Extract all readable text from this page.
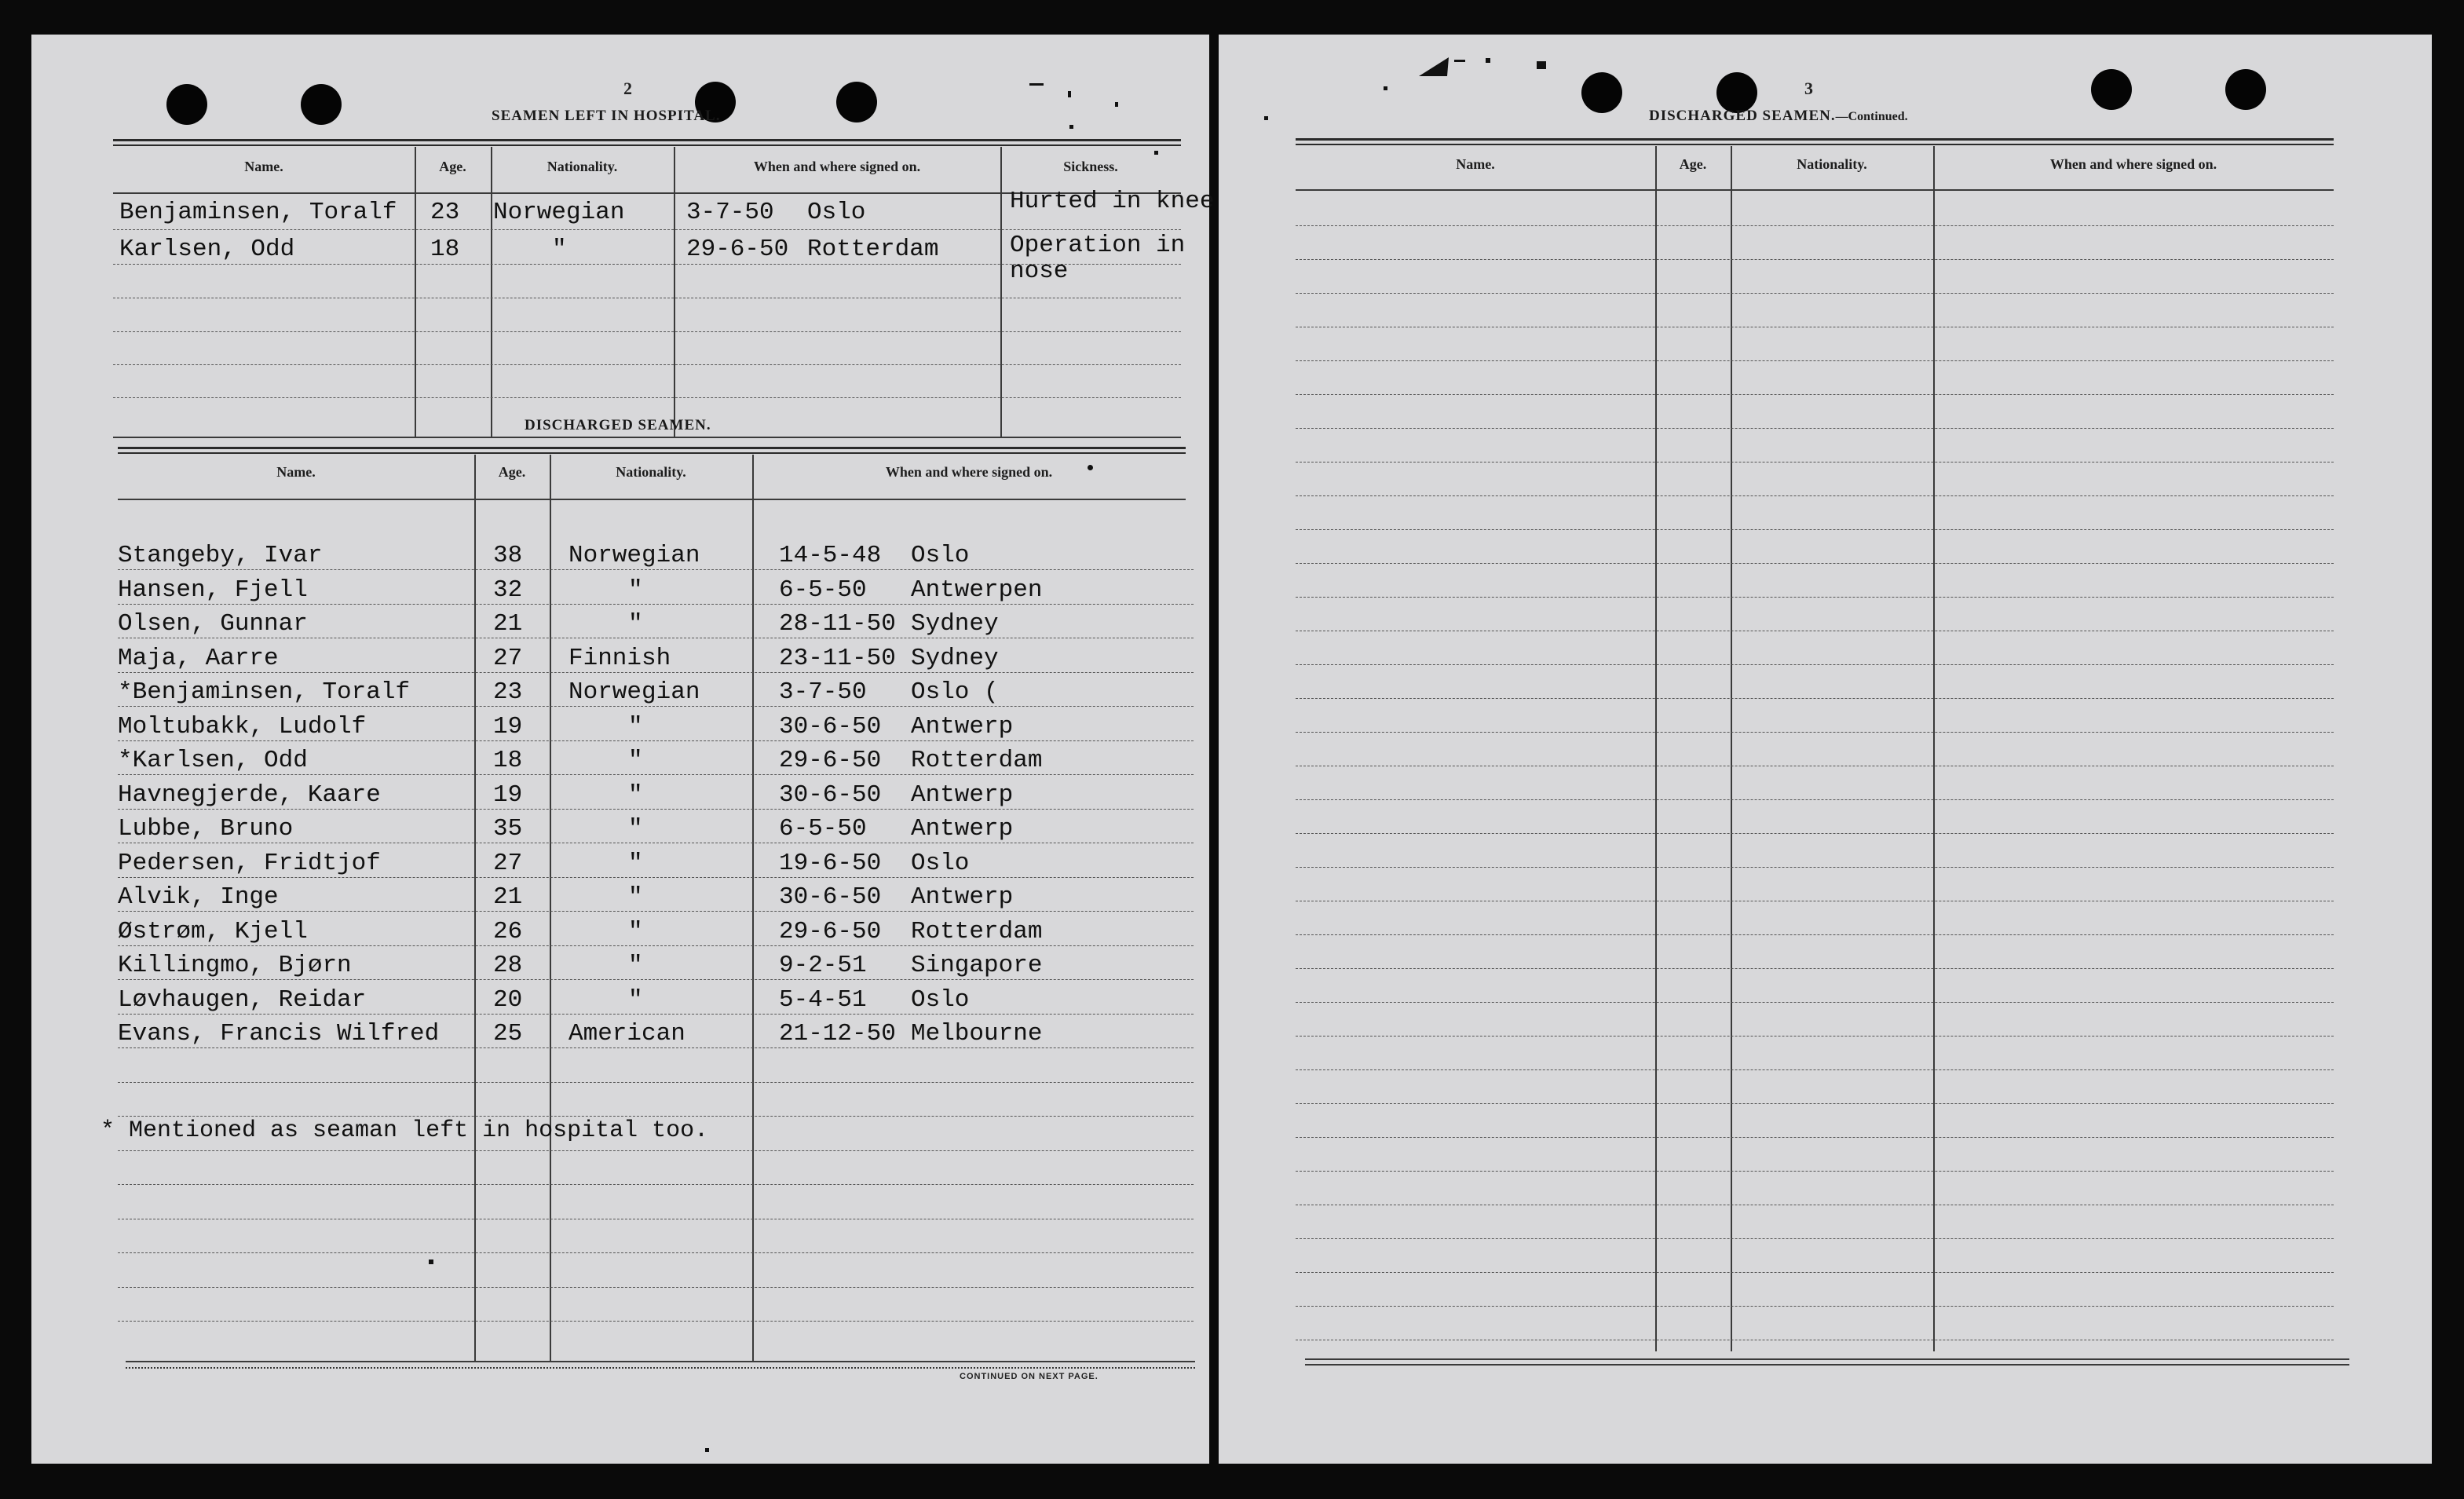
2
SEAMEN LEFT IN HOSPITAL.
Name.	Age.	Nationality.	When and where signed on.	Sickness.
Benjaminsen, Toralf 23 Norwegian	3-7-50 Oslo	Hurted in knee
Karlsen, Odd	18	"	29-6-50 Rotterdam	Operation in
nose
DISCHARGED SEAMEN.
Name.	Age.	Nationality.	When and where signed on.
Stangeby, Ivar	38 Norwegian	14-5-48 Oslo
Hansen, Fjell	32	"	6-5-50 Antwerpen
Olsen, Gunnar	21	"	28-11-50 Sydney
Maja, Aarre	27 Finnish	23-11-50 Sydney
*Benjaminsen, Toralf	23 Norwegian	3-7-50 Oslo (
Moltubakk, Ludolf	19	"	30-6-50 Antwerp
*Karlsen, Odd	18	"	29-6-50 Rotterdam
Havnegjerde, Kaare	19	"	30-6-50 Antwerp
Lubbe, Bruno	35	"	6-5-50 Antwerp
Pedersen, Fridtjof	27	"	19-6-50 Oslo
Alvik, Inge	21	"	30-6-50 Antwerp
Østrøm, Kjell	26	"	29-6-50 Rotterdam
Killingmo, Bjørn	28	"	9-2-51 Singapore
Løvhaugen, Reidar	20	"	5-4-51 Oslo
Evans, Francis Wilfred 25 American	21-12-50 Melbourne
* Mentioned as seaman left in hospital too.
CONTINUED ON NEXT PAGE.
3
DISCHARGED SEAMEN.—Continued.
Name.	Age.	Nationality.	When and where signed on.
